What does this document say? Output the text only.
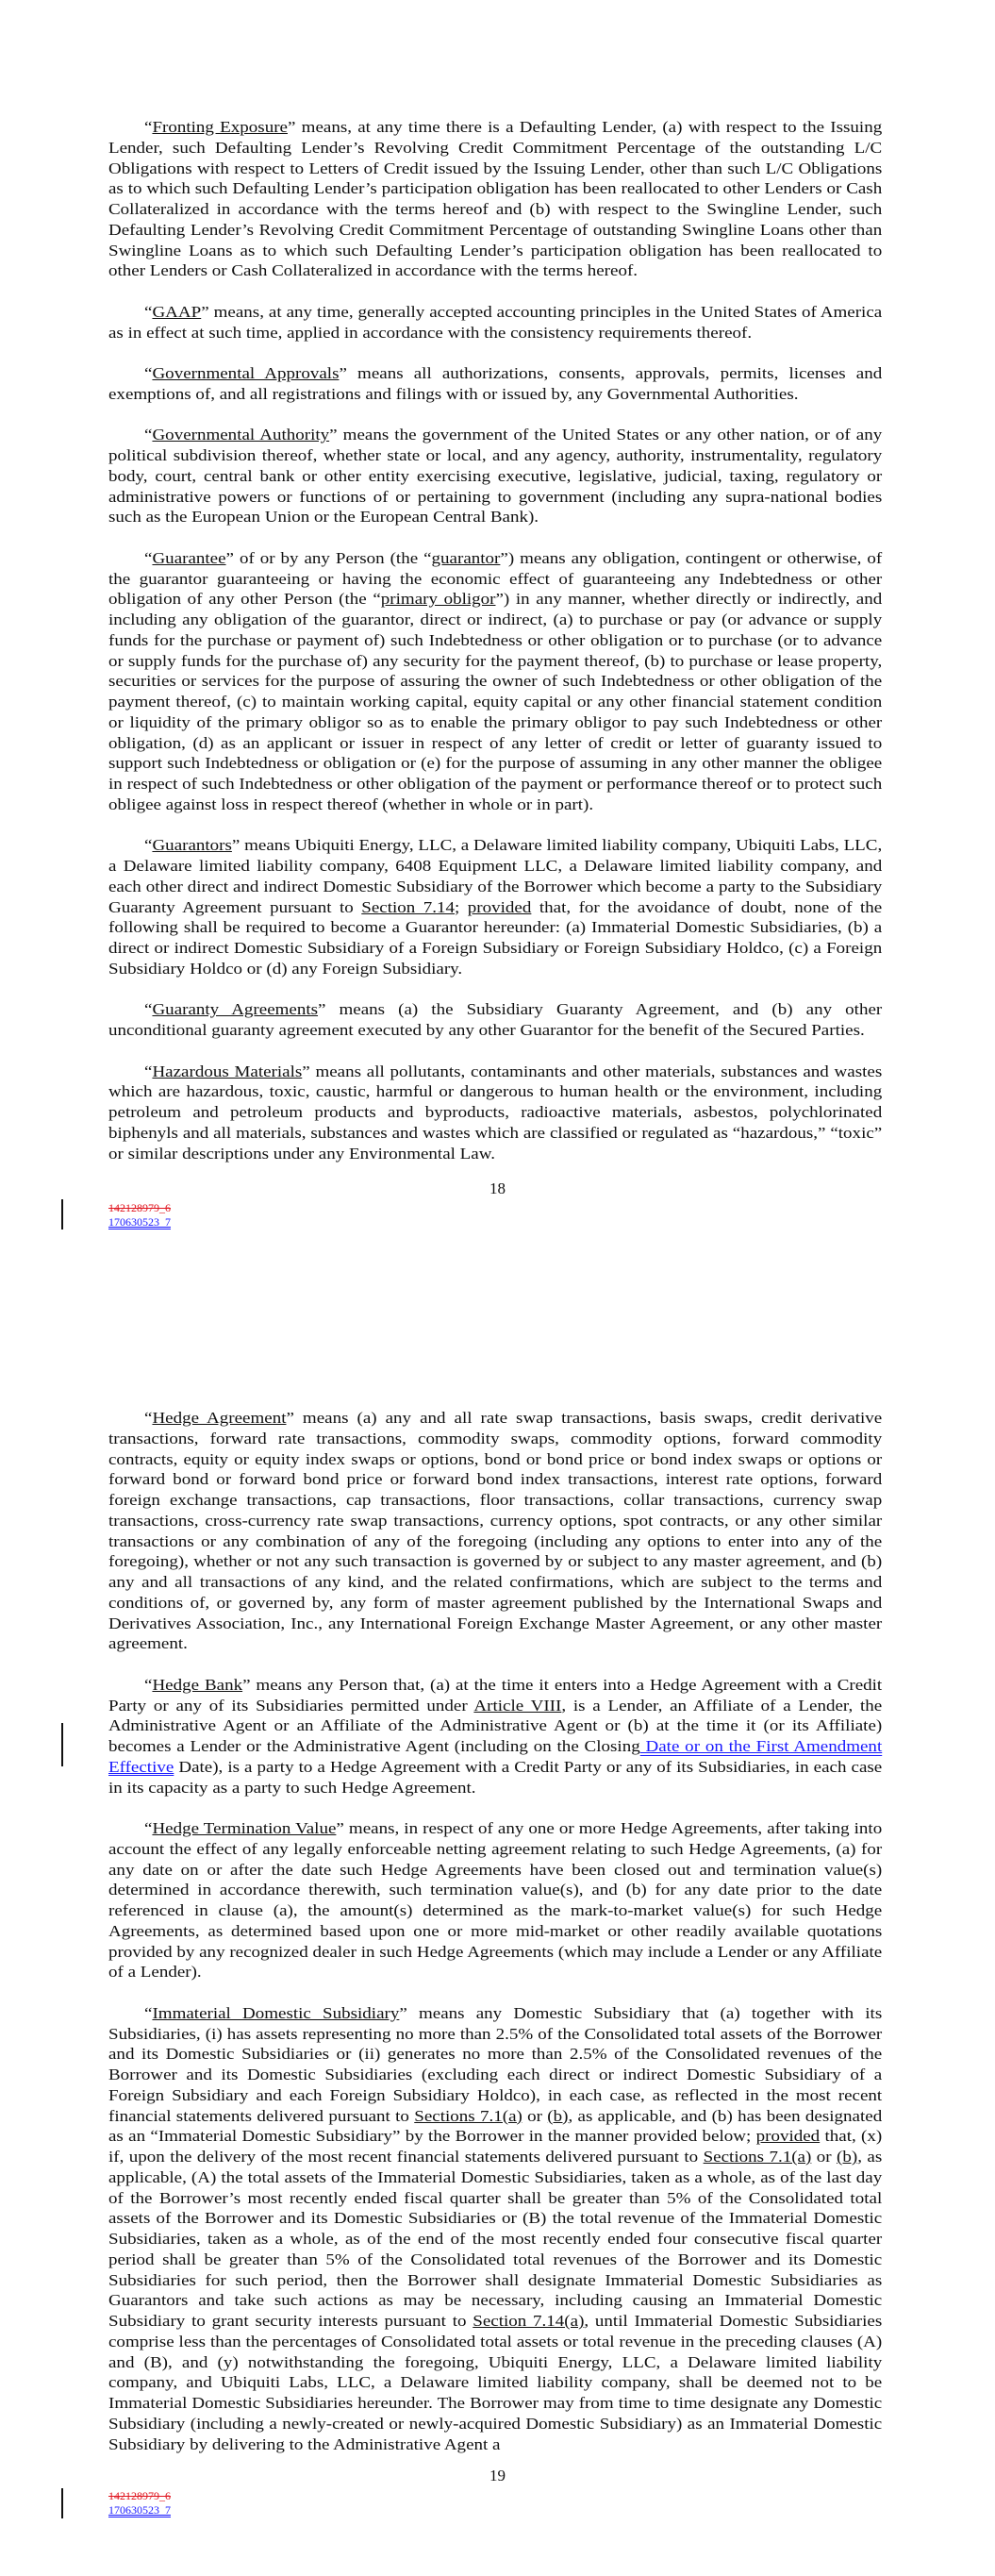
“Fronting Exposure” means, at any time there is a Defaulting Lender, (a) with respect to the Issuing Lender, such Defaulting Lender’s Revolving Credit Commitment Percentage of the outstanding L/C Obligations with respect to Letters of Credit issued by the Issuing Lender, other than such L/C Obligations as to which such Defaulting Lender’s participation obligation has been reallocated to other Lenders or Cash Collateralized in accordance with the terms hereof and (b) with respect to the Swingline Lender, such Defaulting Lender’s Revolving Credit Commitment Percentage of outstanding Swingline Loans other than Swingline Loans as to which such Defaulting Lender’s participation obligation has been reallocated to other Lenders or Cash Collateralized in accordance with the terms hereof.

“GAAP” means, at any time, generally accepted accounting principles in the United States of America as in effect at such time, applied in accordance with the consistency requirements thereof.

“Governmental Approvals” means all authorizations, consents, approvals, permits, licenses and exemptions of, and all registrations and filings with or issued by, any Governmental Authorities.

“Governmental Authority” means the government of the United States or any other nation, or of any political subdivision thereof, whether state or local, and any agency, authority, instrumentality, regulatory body, court, central bank or other entity exercising executive, legislative, judicial, taxing, regulatory or administrative powers or functions of or pertaining to government (including any supra-national bodies such as the European Union or the European Central Bank).

“Guarantee” of or by any Person (the “guarantor”) means any obligation, contingent or otherwise, of the guarantor guaranteeing or having the economic effect of guaranteeing any Indebtedness or other obligation of any other Person (the “primary obligor”) in any manner, whether directly or indirectly, and including any obligation of the guarantor, direct or indirect, (a) to purchase or pay (or advance or supply funds for the purchase or payment of) such Indebtedness or other obligation or to purchase (or to advance or supply funds for the purchase of) any security for the payment thereof, (b) to purchase or lease property, securities or services for the purpose of assuring the owner of such Indebtedness or other obligation of the payment thereof, (c) to maintain working capital, equity capital or any other financial statement condition or liquidity of the primary obligor so as to enable the primary obligor to pay such Indebtedness or other obligation, (d) as an applicant or issuer in respect of any letter of credit or letter of guaranty issued to support such Indebtedness or obligation or (e) for the purpose of assuming in any other manner the obligee in respect of such Indebtedness or other obligation of the payment or performance thereof or to protect such obligee against loss in respect thereof (whether in whole or in part).

“Guarantors” means Ubiquiti Energy, LLC, a Delaware limited liability company, Ubiquiti Labs, LLC, a Delaware limited liability company, 6408 Equipment LLC, a Delaware limited liability company, and each other direct and indirect Domestic Subsidiary of the Borrower which become a party to the Subsidiary Guaranty Agreement pursuant to Section 7.14; provided that, for the avoidance of doubt, none of the following shall be required to become a Guarantor hereunder: (a) Immaterial Domestic Subsidiaries, (b) a direct or indirect Domestic Subsidiary of a Foreign Subsidiary or Foreign Subsidiary Holdco, (c) a Foreign Subsidiary Holdco or (d) any Foreign Subsidiary.

“Guaranty Agreements” means (a) the Subsidiary Guaranty Agreement, and (b) any other unconditional guaranty agreement executed by any other Guarantor for the benefit of the Secured Parties.

“Hazardous Materials” means all pollutants, contaminants and other materials, substances and wastes which are hazardous, toxic, caustic, harmful or dangerous to human health or the environment, including petroleum and petroleum products and byproducts, radioactive materials, asbestos, polychlorinated biphenyls and all materials, substances and wastes which are classified or regulated as “hazardous,” “toxic” or similar descriptions under any Environmental Law.

18
142128979_6
170630523_7

“Hedge Agreement” means (a) any and all rate swap transactions, basis swaps, credit derivative transactions, forward rate transactions, commodity swaps, commodity options, forward commodity contracts, equity or equity index swaps or options, bond or bond price or bond index swaps or options or forward bond or forward bond price or forward bond index transactions, interest rate options, forward foreign exchange transactions, cap transactions, floor transactions, collar transactions, currency swap transactions, cross-currency rate swap transactions, currency options, spot contracts, or any other similar transactions or any combination of any of the foregoing (including any options to enter into any of the foregoing), whether or not any such transaction is governed by or subject to any master agreement, and (b) any and all transactions of any kind, and the related confirmations, which are subject to the terms and conditions of, or governed by, any form of master agreement published by the International Swaps and Derivatives Association, Inc., any International Foreign Exchange Master Agreement, or any other master agreement.

“Hedge Bank” means any Person that, (a) at the time it enters into a Hedge Agreement with a Credit Party or any of its Subsidiaries permitted under Article VIII, is a Lender, an Affiliate of a Lender, the Administrative Agent or an Affiliate of the Administrative Agent or (b) at the time it (or its Affiliate) becomes a Lender or the Administrative Agent (including on the Closing Date or on the First Amendment Effective Date), is a party to a Hedge Agreement with a Credit Party or any of its Subsidiaries, in each case in its capacity as a party to such Hedge Agreement.

“Hedge Termination Value” means, in respect of any one or more Hedge Agreements, after taking into account the effect of any legally enforceable netting agreement relating to such Hedge Agreements, (a) for any date on or after the date such Hedge Agreements have been closed out and termination value(s) determined in accordance therewith, such termination value(s), and (b) for any date prior to the date referenced in clause (a), the amount(s) determined as the mark-to-market value(s) for such Hedge Agreements, as determined based upon one or more mid-market or other readily available quotations provided by any recognized dealer in such Hedge Agreements (which may include a Lender or any Affiliate of a Lender).

“Immaterial Domestic Subsidiary” means any Domestic Subsidiary that (a) together with its Subsidiaries, (i) has assets representing no more than 2.5% of the Consolidated total assets of the Borrower and its Domestic Subsidiaries or (ii) generates no more than 2.5% of the Consolidated revenues of the Borrower and its Domestic Subsidiaries (excluding each direct or indirect Domestic Subsidiary of a Foreign Subsidiary and each Foreign Subsidiary Holdco), in each case, as reflected in the most recent financial statements delivered pursuant to Sections 7.1(a) or (b), as applicable, and (b) has been designated as an “Immaterial Domestic Subsidiary” by the Borrower in the manner provided below; provided that, (x) if, upon the delivery of the most recent financial statements delivered pursuant to Sections 7.1(a) or (b), as applicable, (A) the total assets of the Immaterial Domestic Subsidiaries, taken as a whole, as of the last day of the Borrower’s most recently ended fiscal quarter shall be greater than 5% of the Consolidated total assets of the Borrower and its Domestic Subsidiaries or (B) the total revenue of the Immaterial Domestic Subsidiaries, taken as a whole, as of the end of the most recently ended four consecutive fiscal quarter period shall be greater than 5% of the Consolidated total revenues of the Borrower and its Domestic Subsidiaries for such period, then the Borrower shall designate Immaterial Domestic Subsidiaries as Guarantors and take such actions as may be necessary, including causing an Immaterial Domestic Subsidiary to grant security interests pursuant to Section 7.14(a), until Immaterial Domestic Subsidiaries comprise less than the percentages of Consolidated total assets or total revenue in the preceding clauses (A) and (B), and (y) notwithstanding the foregoing, Ubiquiti Energy, LLC, a Delaware limited liability company, and Ubiquiti Labs, LLC, a Delaware limited liability company, shall be deemed not to be Immaterial Domestic Subsidiaries hereunder. The Borrower may from time to time designate any Domestic Subsidiary (including a newly-created or newly-acquired Domestic Subsidiary) as an Immaterial Domestic Subsidiary by delivering to the Administrative Agent a

19
142128979_6
170630523_7
